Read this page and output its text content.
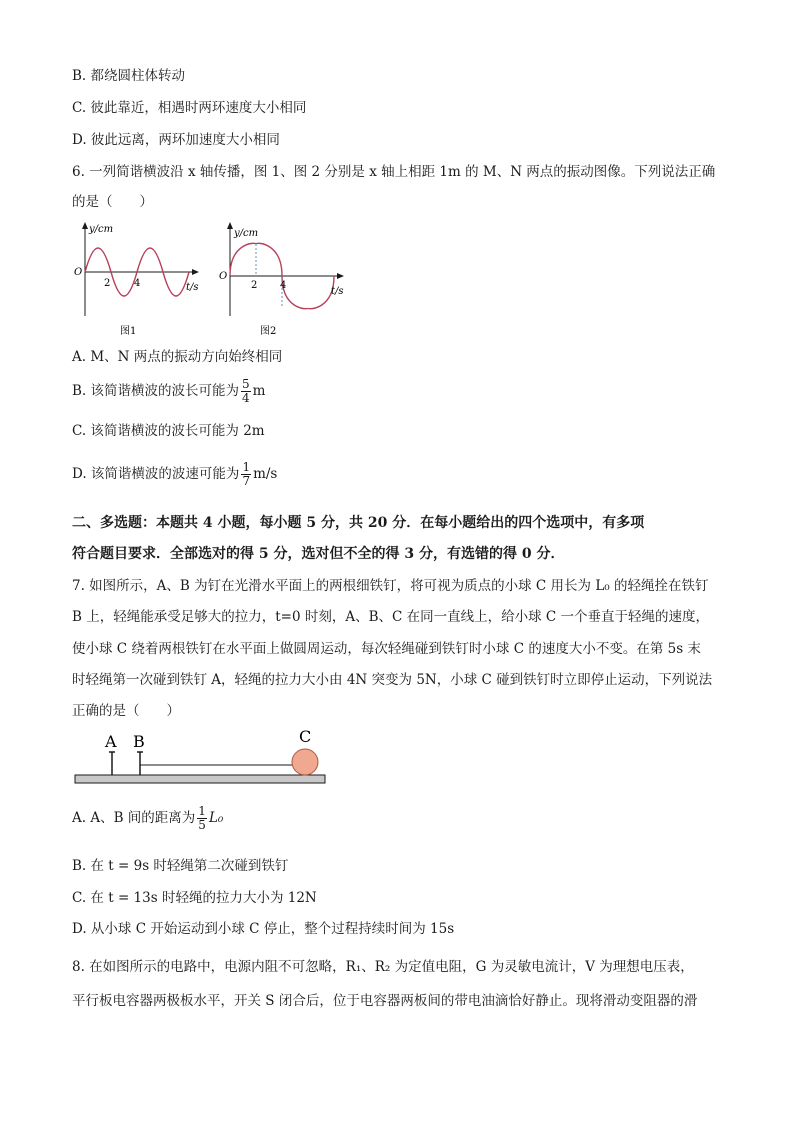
B. 都绕圆柱体转动
C. 彼此靠近，相遇时两环速度大小相同
D. 彼此远离，两环加速度大小相同
6. 一列简谐横波沿 x 轴传播，图 1、图 2 分别是 x 轴上相距 1m 的 M、N 两点的振动图像。下列说法正确
的是（　　）
y/cm
O
2 4	t/s
图1
y/cm
O
2 4
t/s
图2
A. M、N 两点的振动方向始终相同
B. 该简谐横波的波长可能为 $\frac{5}{4}$ m
C. 该简谐横波的波长可能为 2m
D. 该简谐横波的波速可能为 $\frac{1}{7} m/s$
二、多选题：本题共 4 小题，每小题 5 分，共 20 分．在每小题给出的四个选项中，有多项
符合题目要求．全部选对的得 5 分，选对但不全的得 3 分，有选错的得 0 分．
7. 如图所示，A、B 为钉在光滑水平面上的两根细铁钉，将可视为质点的小球 C 用长为 L₀ 的轻绳拴在铁钉
B 上，轻绳能承受足够大的拉力，t=0 时刻，A、B、C 在同一直线上，给小球 C 一个垂直于轻绳的速度，
使小球 C 绕着两根铁钉在水平面上做圆周运动，每次轻绳碰到铁钉时小球 C 的速度大小不变。在第 5s 末
时轻绳第一次碰到铁钉 A，轻绳的拉力大小由 4N 突变为 5N，小球 C 碰到铁钉时立即停止运动，下列说法
正确的是（　　）
A B	C
A. A、B 间的距离为 $\frac{1}{5} L_0$
B. 在 t = 9s 时轻绳第二次碰到铁钉
C. 在 t = 13s 时轻绳的拉力大小为 12N
D. 从小球 C 开始运动到小球 C 停止，整个过程持续时间为 15s
8. 在如图所示的电路中，电源内阻不可忽略，R₁、R₂ 为定值电阻，G 为灵敏电流计，V 为理想电压表，
平行板电容器两极板水平，开关 S 闭合后，位于电容器两板间的带电油滴恰好静止。现将滑动变阻器的滑
